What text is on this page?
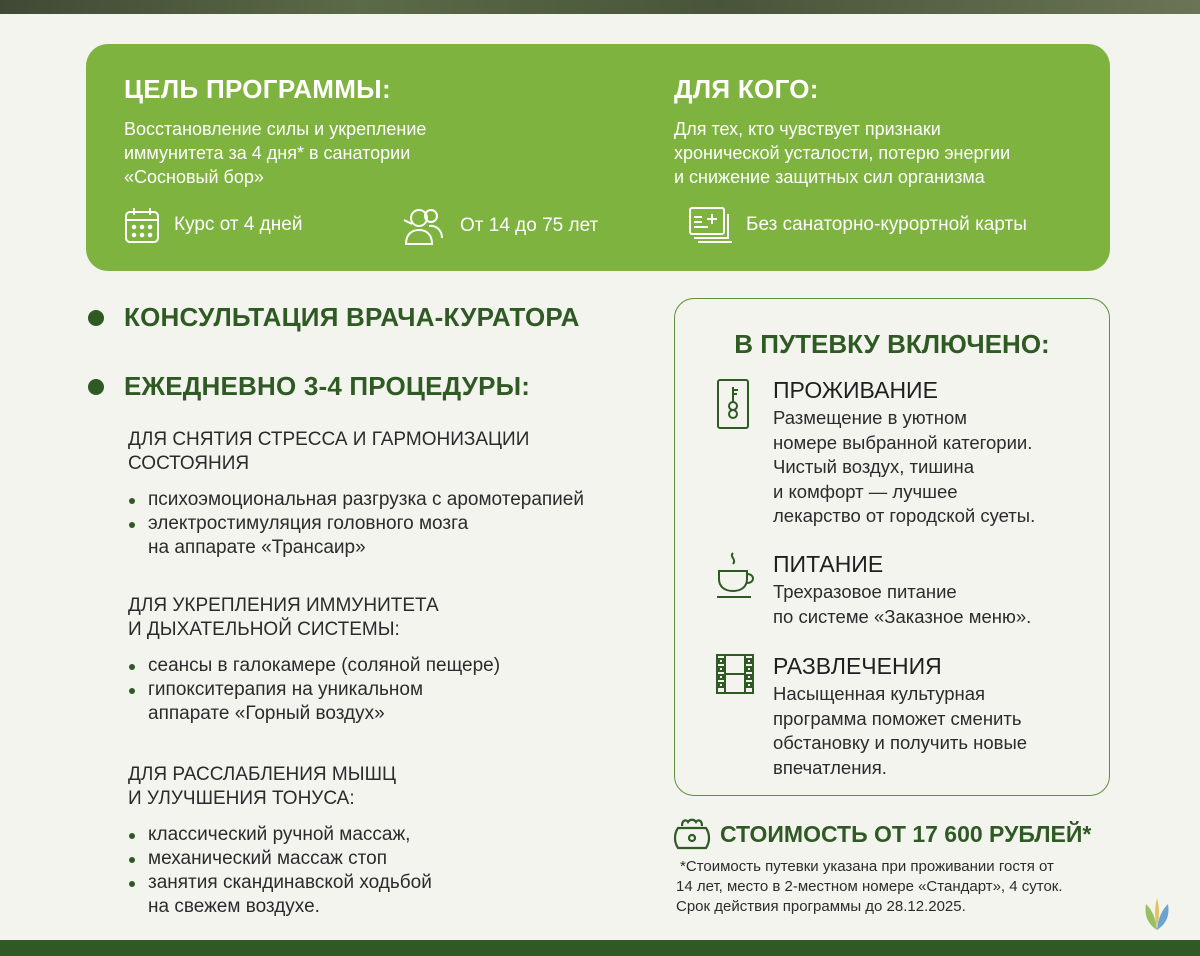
ЦЕЛЬ ПРОГРАММЫ:
Восстановление силы и укрепление
иммунитета за 4 дня* в санатории
«Сосновый бор»
ДЛЯ КОГО:
Для тех, кто чувствует признаки
хронической усталости, потерю энергии
и снижение защитных сил организма
Курс от 4 дней	От 14 до 75 лет	Без санаторно-курортной карты
КОНСУЛЬТАЦИЯ ВРАЧА-КУРАТОРА
ЕЖЕДНЕВНО 3-4 ПРОЦЕДУРЫ:
ДЛЯ СНЯТИЯ СТРЕССА И ГАРМОНИЗАЦИИ
СОСТОЯНИЯ
психоэмоциональная разгрузка с аромотерапией
электростимуляция головного мозга
на аппарате «Трансаир»
ДЛЯ УКРЕПЛЕНИЯ ИММУНИТЕТА
И ДЫХАТЕЛЬНОЙ СИСТЕМЫ:
сеансы в галокамере (соляной пещере)
гипокситерапия на уникальном
аппарате «Горный воздух»
ДЛЯ РАССЛАБЛЕНИЯ МЫШЦ
И УЛУЧШЕНИЯ ТОНУСА:
классический ручной массаж,
механический массаж стоп
занятия скандинавской ходьбой
на свежем воздухе.
В ПУТЕВКУ ВКЛЮЧЕНО:
ПРОЖИВАНИЕ
Размещение в уютном
номере выбранной категории.
Чистый воздух, тишина
и комфорт — лучшее
лекарство от городской суеты.
ПИТАНИЕ
Трехразовое питание
по системе «Заказное меню».
РАЗВЛЕЧЕНИЯ
Насыщенная культурная
программа поможет сменить
обстановку и получить новые
впечатления.
СТОИМОСТЬ ОТ 17 600 РУБЛЕЙ*
*Стоимость путевки указана при проживании гостя от
14 лет, место в 2-местном номере «Стандарт», 4 суток.
Срок действия программы до 28.12.2025.
